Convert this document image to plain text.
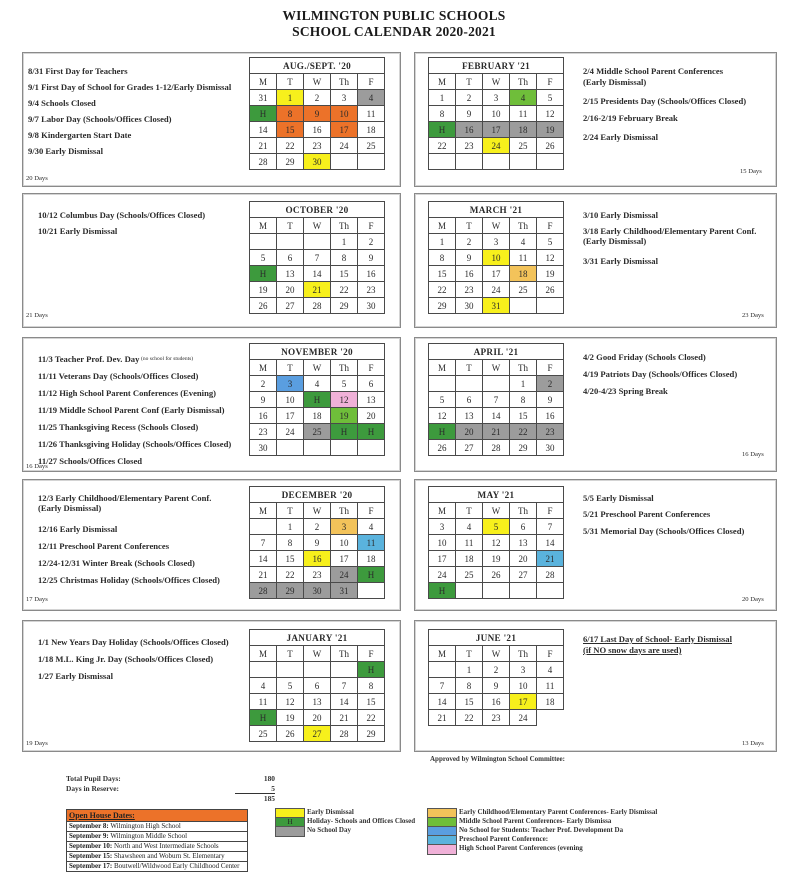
WILMINGTON PUBLIC SCHOOLS
SCHOOL CALENDAR 2020-2021
8/31 First Day for Teachers
9/1 First Day of School for Grades 1-12/Early Dismissal
9/4 Schools Closed
9/7 Labor Day (Schools/Offices Closed)
9/8 Kindergarten Start Date
9/30 Early Dismissal
20 Days
AUG./SEPT. '20				
M	T	W	Th	F
31	1	2	3	4
H	8	9	10	11
14	15	16	17	18
21	22	23	24	25
28	29	30		
2/4 Middle School Parent Conferences
(Early Dismissal)
2/15 Presidents Day (Schools/Offices Closed)
2/16-2/19 February Break
2/24 Early Dismissal
15 Days
FEBRUARY '21				
M	T	W	Th	F
1	2	3	4	5
8	9	10	11	12
H	16	17	18	19
22	23	24	25	26

10/12 Columbus Day (Schools/Offices Closed)
10/21 Early Dismissal
21 Days
OCTOBER '20				
M	T	W	Th	F
			1	2
5	6	7	8	9
H	13	14	15	16
19	20	21	22	23
26	27	28	29	30
3/10 Early Dismissal
3/18 Early Childhood/Elementary Parent Conf.
(Early Dismissal)
3/31 Early Dismissal
23 Days
MARCH '21				
M	T	W	Th	F
1	2	3	4	5
8	9	10	11	12
15	16	17	18	19
22	23	24	25	26
29	30	31		
11/3 Teacher Prof. Dev. Day (no school for students)
11/11 Veterans Day (Schools/Offices Closed)
11/12 High School Parent Conferences (Evening)
11/19 Middle School Parent Conf (Early Dismissal)
11/25 Thanksgiving Recess (Schools Closed)
11/26 Thanksgiving Holiday (Schools/Offices Closed)
11/27 Schools/Offices Closed
16 Days
NOVEMBER '20				
M	T	W	Th	F
2	3	4	5	6
9	10	H	12	13
16	17	18	19	20
23	24	25	H	H
30				
4/2 Good Friday (Schools Closed)
4/19 Patriots Day (Schools/Offices Closed)
4/20-4/23 Spring Break
16 Days
APRIL '21				
M	T	W	Th	F
			1	2
5	6	7	8	9
12	13	14	15	16
H	20	21	22	23
26	27	28	29	30
12/3 Early Childhood/Elementary Parent Conf.
(Early Dismissal)
12/16 Early Dismissal
12/11 Preschool Parent Conferences
12/24-12/31 Winter Break (Schools Closed)
12/25 Christmas Holiday (Schools/Offices Closed)
17 Days
DECEMBER '20				
M	T	W	Th	F
	1	2	3	4
7	8	9	10	11
14	15	16	17	18
21	22	23	24	H
28	29	30	31	
5/5 Early Dismissal
5/21 Preschool Parent Conferences
5/31 Memorial Day (Schools/Offices Closed)
20 Days
MAY '21				
M	T	W	Th	F
3	4	5	6	7
10	11	12	13	14
17	18	19	20	21
24	25	26	27	28
H				
1/1 New Years Day Holiday (Schools/Offices Closed)
1/18 M.L. King Jr. Day (Schools/Offices Closed)
1/27 Early Dismissal
19 Days
JANUARY '21				
M	T	W	Th	F
				H
4	5	6	7	8
11	12	13	14	15
H	19	20	21	22
25	26	27	28	29
6/17 Last Day of School- Early Dismissal
(if NO snow days are used)
13 Days
JUNE '21				
M	T	W	Th	F
	1	2	3	4
7	8	9	10	11
14	15	16	17	18
21	22	23	24	
Approved by Wilmington School Committee:
Total Pupil Days:	180
Days in Reserve:	5
185
Open House Dates:
September 8: Wilmington High School
September 9: Wilmington Middle School
September 10: North and West Intermediate Schools
September 15: Shawsheen and Woburn St. Elementary
September 17: Boutwell/Wildwood Early Childhood Center
Early Dismissal
H	Holiday- Schools and Offices Closed
No School Day
Early Childhood/Elementary Parent Conferences- Early Dismissal
Middle School Parent Conferences- Early Dismissa
No School for Students: Teacher Prof. Development Da
Preschool Parent Conference:
High School Parent Conferences (evening
